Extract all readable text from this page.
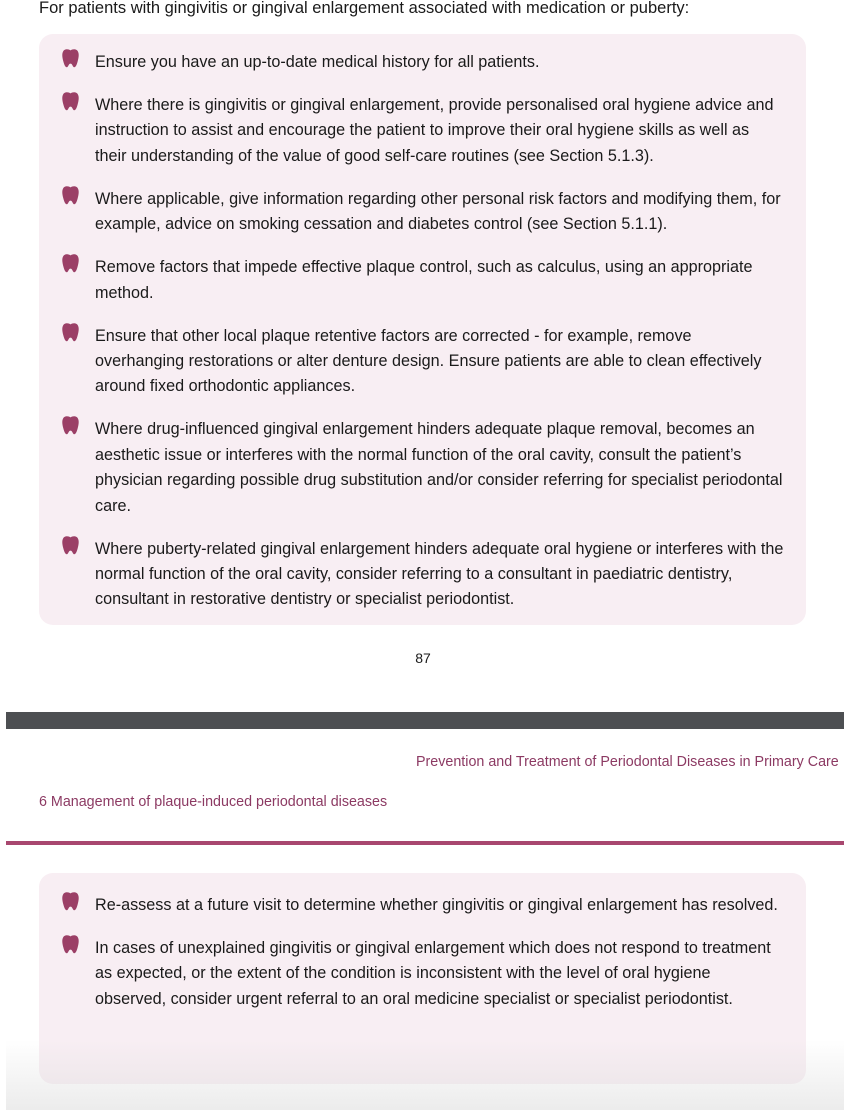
For patients with gingivitis or gingival enlargement associated with medication or puberty:
Ensure you have an up-to-date medical history for all patients.
Where there is gingivitis or gingival enlargement, provide personalised oral hygiene advice and instruction to assist and encourage the patient to improve their oral hygiene skills as well as their understanding of the value of good self-care routines (see Section 5.1.3).
Where applicable, give information regarding other personal risk factors and modifying them, for example, advice on smoking cessation and diabetes control (see Section 5.1.1).
Remove factors that impede effective plaque control, such as calculus, using an appropriate method.
Ensure that other local plaque retentive factors are corrected - for example, remove overhanging restorations or alter denture design. Ensure patients are able to clean effectively around fixed orthodontic appliances.
Where drug-influenced gingival enlargement hinders adequate plaque removal, becomes an aesthetic issue or interferes with the normal function of the oral cavity, consult the patient’s physician regarding possible drug substitution and/or consider referring for specialist periodontal care.
Where puberty-related gingival enlargement hinders adequate oral hygiene or interferes with the normal function of the oral cavity, consider referring to a consultant in paediatric dentistry, consultant in restorative dentistry or specialist periodontist.
87
Prevention and Treatment of Periodontal Diseases in Primary Care
6 Management of plaque-induced periodontal diseases
Re-assess at a future visit to determine whether gingivitis or gingival enlargement has resolved.
In cases of unexplained gingivitis or gingival enlargement which does not respond to treatment as expected, or the extent of the condition is inconsistent with the level of oral hygiene observed, consider urgent referral to an oral medicine specialist or specialist periodontist.
